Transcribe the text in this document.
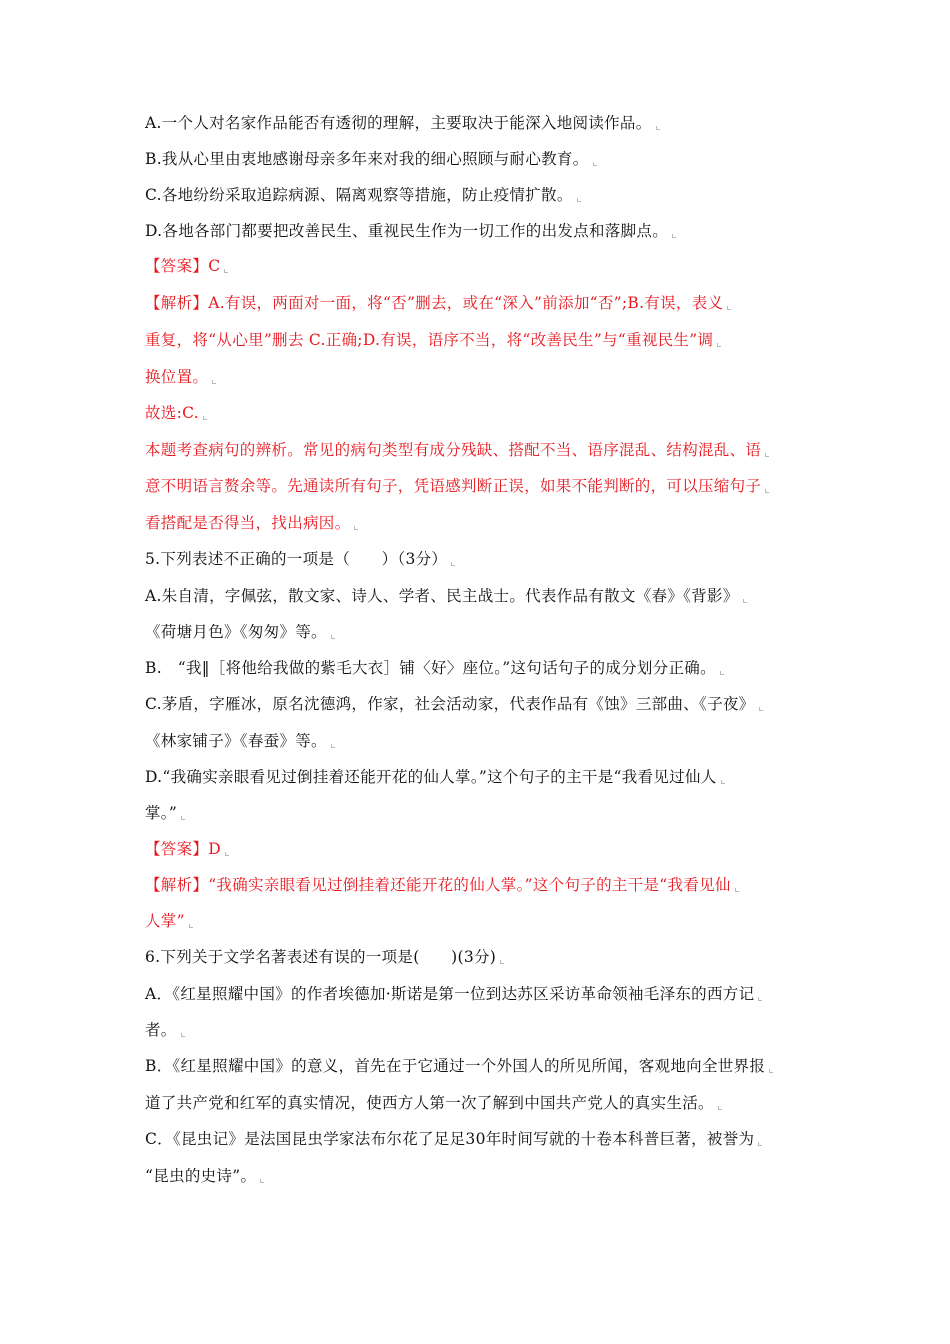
A.一个人对名家作品能否有透彻的理解，主要取决于能深入地阅读作品。
B.我从心里由衷地感谢母亲多年来对我的细心照顾与耐心教育。
C.各地纷纷采取追踪病源、隔离观察等措施，防止疫情扩散。
D.各地各部门都要把改善民生、重视民生作为一切工作的出发点和落脚点。
【答案】C
【解析】A.有误，两面对一面，将“否”删去，或在“深入”前添加“否”;B.有误，表义
重复，将“从心里”删去 C.正确;D.有误，语序不当，将“改善民生”与“重视民生”调
换位置。
故选:C.
本题考查病句的辨析。常见的病句类型有成分残缺、搭配不当、语序混乱、结构混乱、语
意不明语言赘余等。先通读所有句子，凭语感判断正误，如果不能判断的，可以压缩句子
看搭配是否得当，找出病因。
5.下列表述不正确的一项是（　　）（3分）
A.朱自清，字佩弦，散文家、诗人、学者、民主战士。代表作品有散文《春》《背影》
《荷塘月色》《匆匆》等。
B.　“我‖［将他给我做的紫毛大衣］铺〈好〉座位。”这句话句子的成分划分正确。
C.茅盾，字雁冰，原名沈德鸿，作家，社会活动家，代表作品有《蚀》三部曲、《子夜》
《林家铺子》《春蚕》等。
D.“我确实亲眼看见过倒挂着还能开花的仙人掌。”这个句子的主干是“我看见过仙人
掌。”
【答案】D
【解析】“我确实亲眼看见过倒挂着还能开花的仙人掌。”这个句子的主干是“我看见仙
人掌”
6.下列关于文学名著表述有误的一项是(　　)(3分)
A．《红星照耀中国》的作者埃德加·斯诺是第一位到达苏区采访革命领袖毛泽东的西方记
者。
B．《红星照耀中国》的意义，首先在于它通过一个外国人的所见所闻，客观地向全世界报
道了共产党和红军的真实情况，使西方人第一次了解到中国共产党人的真实生活。
C．《昆虫记》是法国昆虫学家法布尔花了足足30年时间写就的十卷本科普巨著，被誉为
“昆虫的史诗”。
